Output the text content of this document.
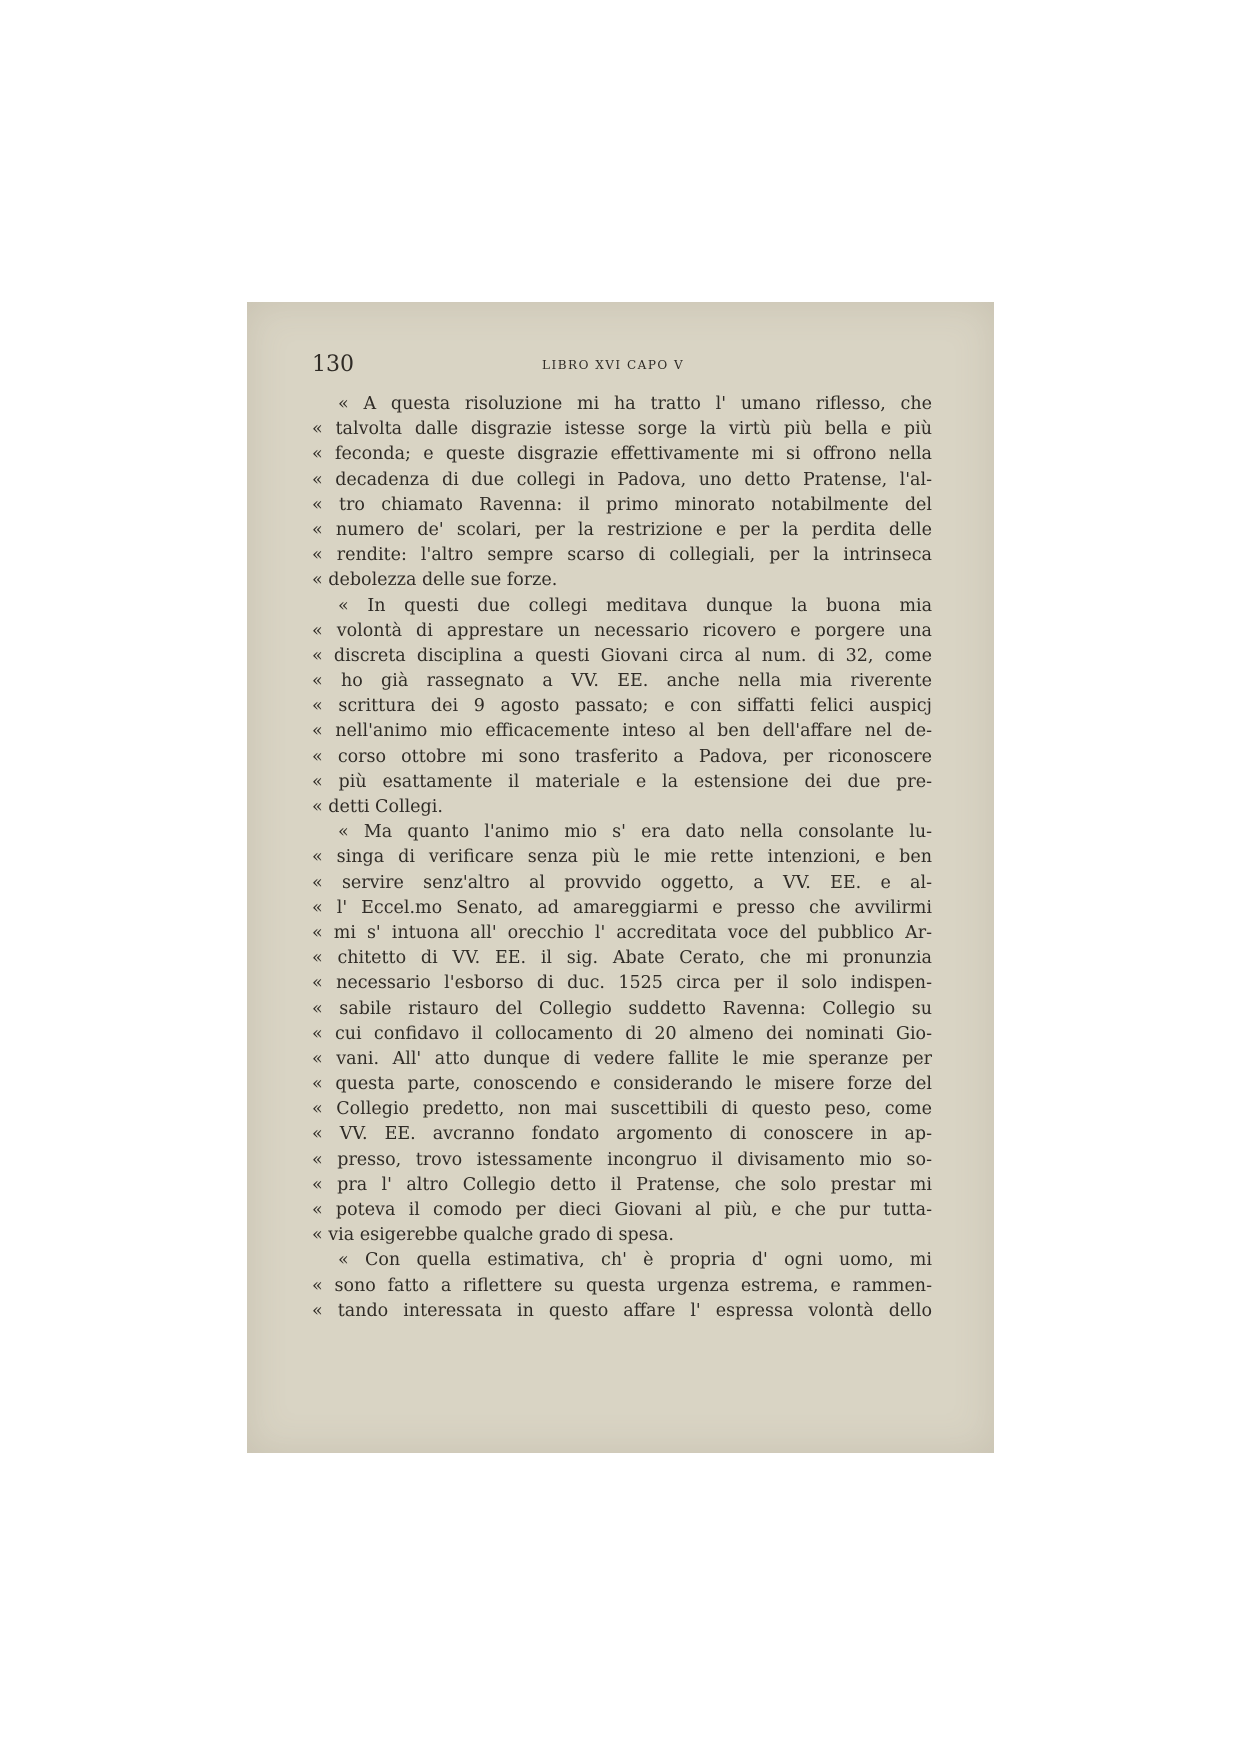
130	LIBRO XVI CAPO V
« A questa risoluzione mi ha tratto l' umano riflesso, che
« talvolta dalle disgrazie istesse sorge la virtù più bella e più
« feconda; e queste disgrazie effettivamente mi si offrono nella
« decadenza di due collegi in Padova, uno detto Pratense, l'al-
« tro chiamato Ravenna: il primo minorato notabilmente del
« numero de' scolari, per la restrizione e per la perdita delle
« rendite: l'altro sempre scarso di collegiali, per la intrinseca
« debolezza delle sue forze.
« In questi due collegi meditava dunque la buona mia
« volontà di apprestare un necessario ricovero e porgere una
« discreta disciplina a questi Giovani circa al num. di 32, come
« ho già rassegnato a VV. EE. anche nella mia riverente
« scrittura dei 9 agosto passato; e con siffatti felici auspicj
« nell'animo mio efficacemente inteso al ben dell'affare nel de-
« corso ottobre mi sono trasferito a Padova, per riconoscere
« più esattamente il materiale e la estensione dei due pre-
« detti Collegi.
« Ma quanto l'animo mio s' era dato nella consolante lu-
« singa di verificare senza più le mie rette intenzioni, e ben
« servire senz'altro al provvido oggetto, a VV. EE. e al-
« l' Eccel.mo Senato, ad amareggiarmi e presso che avvilirmi
« mi s' intuona all' orecchio l' accreditata voce del pubblico Ar-
« chitetto di VV. EE. il sig. Abate Cerato, che mi pronunzia
« necessario l'esborso di duc. 1525 circa per il solo indispen-
« sabile ristauro del Collegio suddetto Ravenna: Collegio su
« cui confidavo il collocamento di 20 almeno dei nominati Gio-
« vani. All' atto dunque di vedere fallite le mie speranze per
« questa parte, conoscendo e considerando le misere forze del
« Collegio predetto, non mai suscettibili di questo peso, come
« VV. EE. avcranno fondato argomento di conoscere in ap-
« presso, trovo istessamente incongruo il divisamento mio so-
« pra l' altro Collegio detto il Pratense, che solo prestar mi
« poteva il comodo per dieci Giovani al più, e che pur tutta-
« via esigerebbe qualche grado di spesa.
« Con quella estimativa, ch' è propria d' ogni uomo, mi
« sono fatto a riflettere su questa urgenza estrema, e rammen-
« tando interessata in questo affare l' espressa volontà dello
